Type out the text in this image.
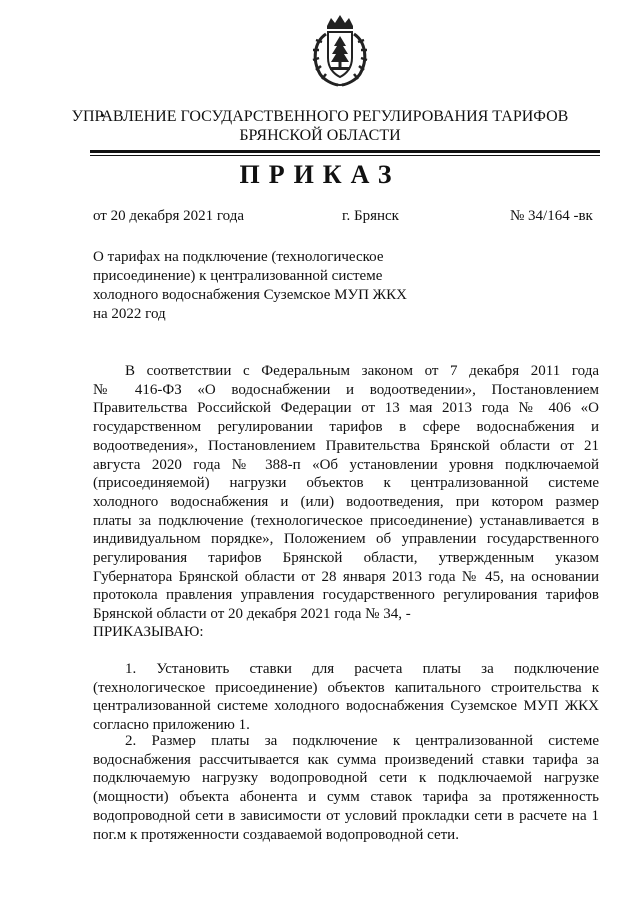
УПРАВЛЕНИЕ ГОСУДАРСТВЕННОГО РЕГУЛИРОВАНИЯ ТАРИФОВ
БРЯНСКОЙ ОБЛАСТИ
ПРИКАЗ
от 20 декабря 2021 года	г. Брянск	№ 34/164 -вк
О тарифах на подключение (технологическое
присоединение) к централизованной системе
холодного водоснабжения Суземское МУП ЖКХ
на 2022 год
В соответствии с Федеральным законом от 7 декабря 2011 года
№ 416-ФЗ «О водоснабжении и водоотведении», Постановлением
Правительства Российской Федерации от 13 мая 2013 года № 406 «О
государственном регулировании тарифов в сфере водоснабжения и
водоотведения», Постановлением Правительства Брянской области от 21
августа 2020 года № 388-п «Об установлении уровня подключаемой
(присоединяемой) нагрузки объектов к централизованной системе
холодного водоснабжения и (или) водоотведения, при котором размер
платы за подключение (технологическое присоединение) устанавливается в
индивидуальном порядке», Положением об управлении государственного
регулирования тарифов Брянской области, утвержденным указом
Губернатора Брянской области от 28 января 2013 года № 45, на основании
протокола правления управления государственного регулирования тарифов
Брянской области от 20 декабря 2021 года № 34, -
ПРИКАЗЫВАЮ:
1. Установить ставки для расчета платы за подключение
(технологическое присоединение) объектов капитального строительства к
централизованной системе холодного водоснабжения Суземское МУП ЖКХ
согласно приложению 1.
2. Размер платы за подключение к централизованной системе
водоснабжения рассчитывается как сумма произведений ставки тарифа за
подключаемую нагрузку водопроводной сети к подключаемой нагрузке
(мощности) объекта абонента и сумм ставок тарифа за протяженность
водопроводной сети в зависимости от условий прокладки сети в расчете на 1
пог.м к протяженности создаваемой водопроводной сети.
